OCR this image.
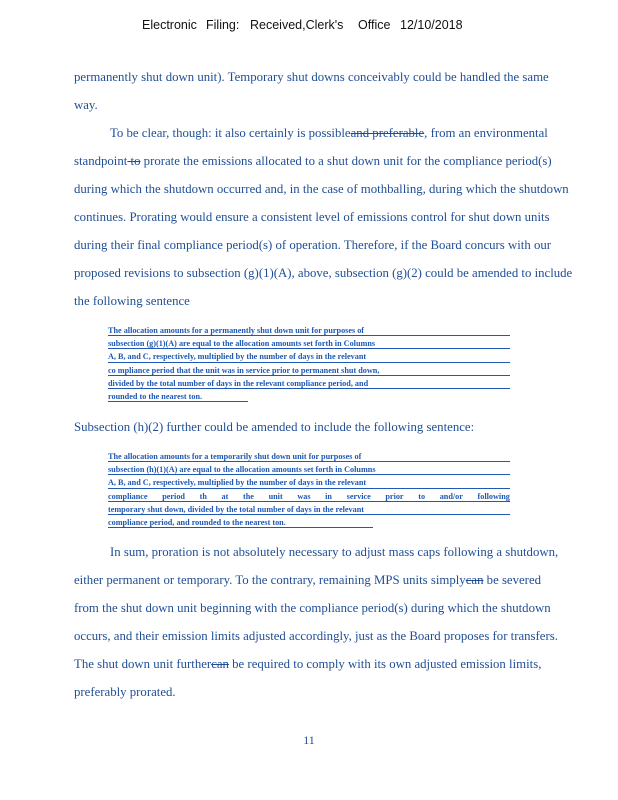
Electronic Filing: Received,Clerk's Office 12/10/2018
permanently shut down unit). Temporary shut downs conceivably could be handled the same
way.
To be clear, though: it also certainly is possibleand preferable, from an environmental
standpoint to prorate the emissions allocated to a shut down unit for the compliance period(s)
during which the shutdown occurred and, in the case of mothballing, during which the shutdown
continues. Prorating would ensure a consistent level of emissions control for shut down units
during their final compliance period(s) of operation. Therefore, if the Board concurs with our
proposed revisions to subsection (g)(1)(A), above, subsection (g)(2) could be amended to include
the following sentence
The allocation amounts for a permanently shut down unit for purposes of
subsection (g)(1)(A) are equal to the allocation amounts set forth in Columns
A, B, and C, respectively, multiplied by the number of days in the relevant
co mpliance period that the unit was in service prior to permanent shut down,
divided by the total number of days in the relevant compliance period, and
rounded to the nearest ton.
Subsection (h)(2) further could be amended to include the following sentence:
The allocation amounts for a temporarily shut down unit for purposes of
subsection (h)(1)(A) are equal to the allocation amounts set forth in Columns
A, B, and C, respectively, multiplied by the number of days in the relevant
compliance period th at the unit was in service prior to and/or following
temporary shut down, divided by the total number of days in the relevant
compliance period, and rounded to the nearest ton.
In sum, proration is not absolutely necessary to adjust mass caps following a shutdown,
either permanent or temporary. To the contrary, remaining MPS units simplycan be severed
from the shut down unit beginning with the compliance period(s) during which the shutdown
occurs, and their emission limits adjusted accordingly, just as the Board proposes for transfers.
The shut down unit furthercan be required to comply with its own adjusted emission limits,
preferably prorated.
11
